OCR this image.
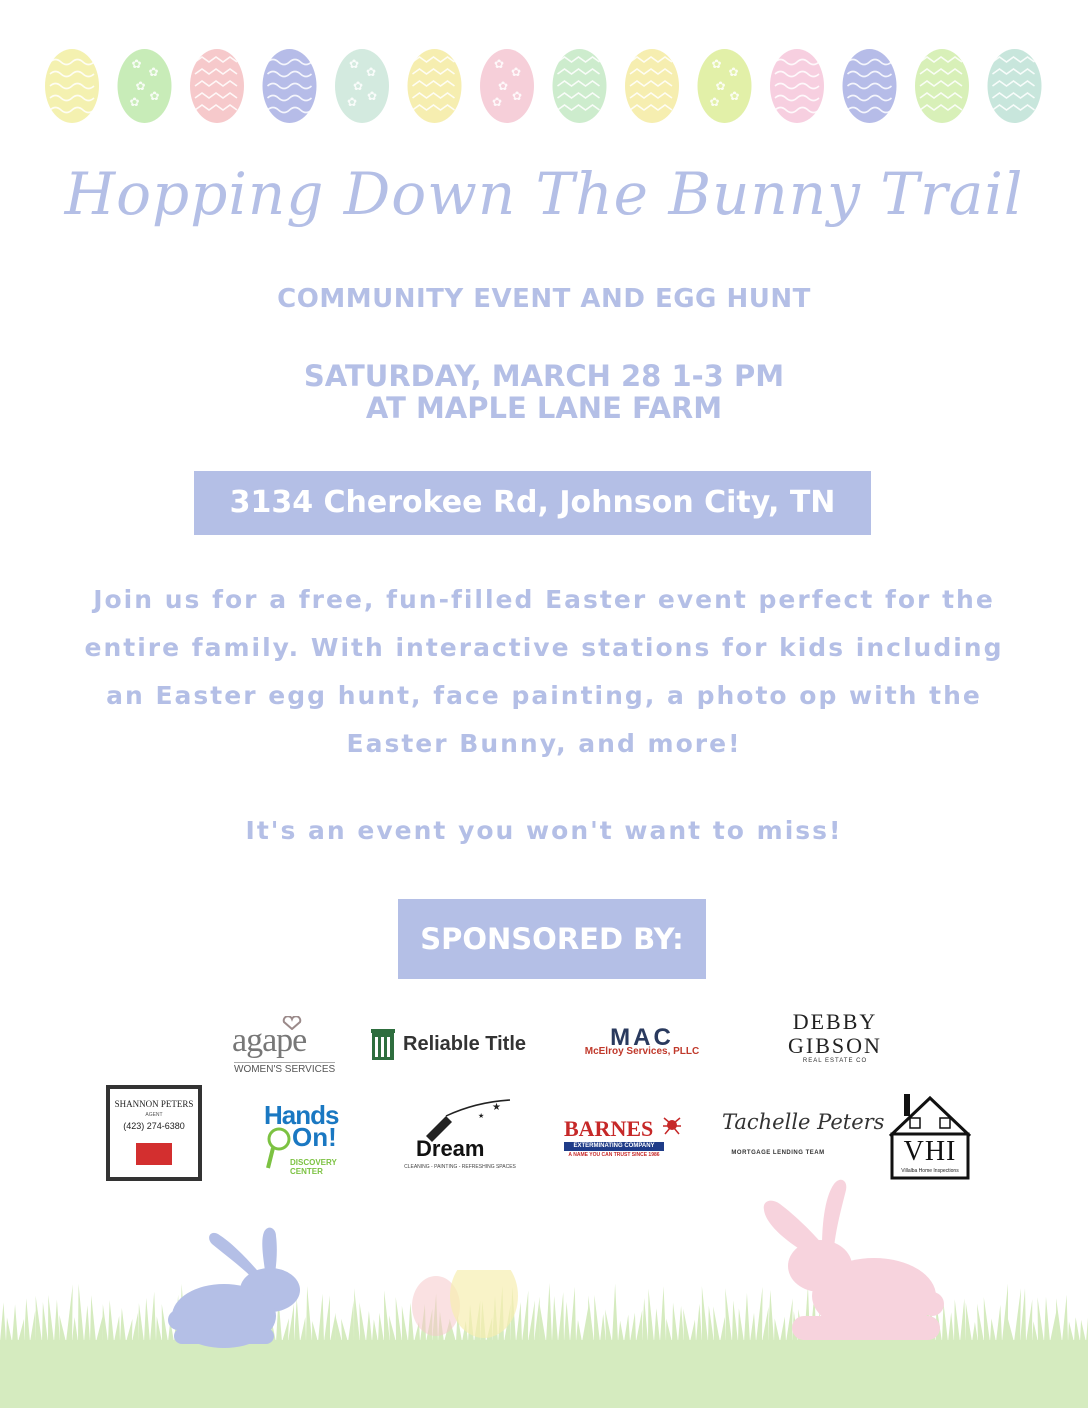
✿
✿
✿
✿
✿
✿
✿
✿
✿
✿
✿
✿
✿
✿
✿
✿
✿
✿
✿
✿
Hopping Down The Bunny Trail
COMMUNITY EVENT AND EGG HUNT
SATURDAY, MARCH 28 1-3 PM
AT MAPLE LANE FARM
3134 Cherokee Rd, Johnson City, TN 37604
Join us for a free, fun-filled Easter event perfect for the entire family. With interactive stations for kids including an Easter egg hunt, face painting, a photo op with the Easter Bunny, and more!
It's an event you won't want to miss!
SPONSORED BY:
agape
WOMEN'S SERVICES
Reliable Title	MAC
McElroy Services, PLLC
DEBBY
GIBSON
REAL ESTATE CO
SHANNON PETERS
AGENT
(423) 274-6380	Hands
On!
DISCOVERY
CENTER
★
★
Dream
CLEANING - PAINTING - REFRESHING SPACES
BARNES
EXTERMINATING COMPANY
A NAME YOU CAN TRUST SINCE 1986
Tachelle Peters
MORTGAGE LENDING TEAM	VHI
Villalba Home Inspections
